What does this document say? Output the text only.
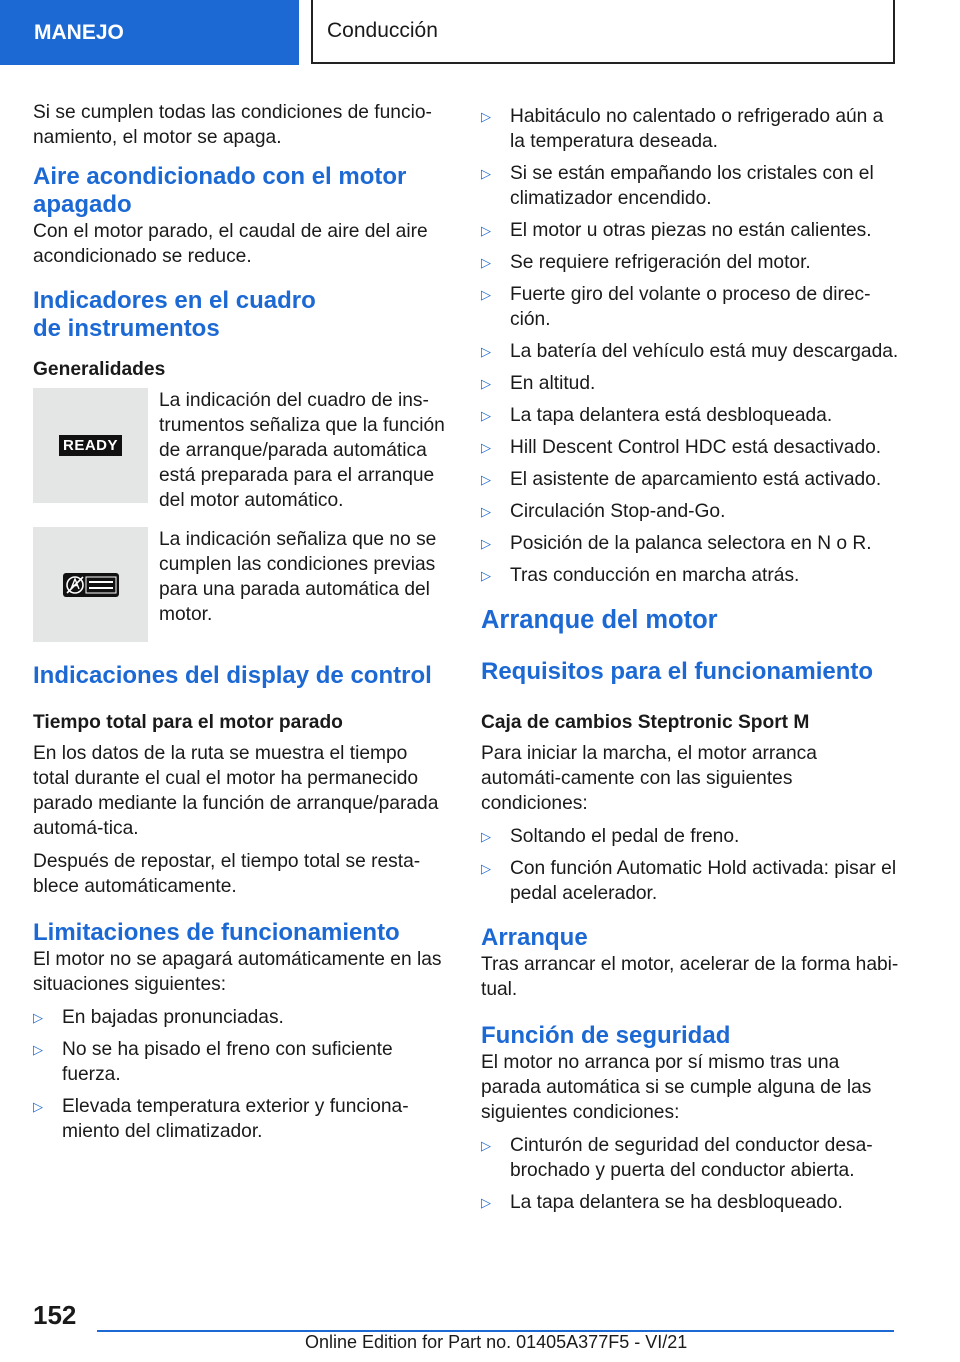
MANEJO	Conducción

Si se cumplen todas las condiciones de funcio-namiento, el motor se apaga.

Aire acondicionado con el motor apagado

Con el motor parado, el caudal de aire del aire acondicionado se reduce.

Indicadores en el cuadro de instrumentos
Generalidades
READY

La indicación del cuadro de ins-trumentos señaliza que la función de arranque/parada automática está preparada para el arranque del motor automático.

La indicación señaliza que no se cumplen las condiciones previas para una parada automática del motor.

Indicaciones del display de control
Tiempo total para el motor parado

En los datos de la ruta se muestra el tiempo total durante el cual el motor ha permanecido parado mediante la función de arranque/parada automá-tica.

Después de repostar, el tiempo total se resta-blece automáticamente.

Limitaciones de funcionamiento

El motor no se apagará automáticamente en las situaciones siguientes:

▷ En bajadas pronunciadas.
▷ No se ha pisado el freno con suficiente fuerza.
▷ Elevada temperatura exterior y funciona-miento del climatizador.
▷ Habitáculo no calentado o refrigerado aún a la temperatura deseada.
▷ Si se están empañando los cristales con el climatizador encendido.
▷ El motor u otras piezas no están calientes.
▷ Se requiere refrigeración del motor.
▷ Fuerte giro del volante o proceso de direc-ción.
▷ La batería del vehículo está muy descargada.
▷ En altitud.
▷ La tapa delantera está desbloqueada.
▷ Hill Descent Control HDC está desactivado.
▷ El asistente de aparcamiento está activado.
▷ Circulación Stop-and-Go.
▷ Posición de la palanca selectora en N o R.
▷ Tras conducción en marcha atrás.
Arranque del motor
Requisitos para el funcionamiento
Caja de cambios Steptronic Sport M

Para iniciar la marcha, el motor arranca automáti-camente con las siguientes condiciones:

▷ Soltando el pedal de freno.
▷ Con función Automatic Hold activada: pisar el pedal acelerador.
Arranque

Tras arrancar el motor, acelerar de la forma habi-tual.

Función de seguridad

El motor no arranca por sí mismo tras una parada automática si se cumple alguna de las siguientes condiciones:

▷ Cinturón de seguridad del conductor desa-brochado y puerta del conductor abierta.
▷ La tapa delantera se ha desbloqueado.
152
Online Edition for Part no. 01405A377F5 - VI/21
